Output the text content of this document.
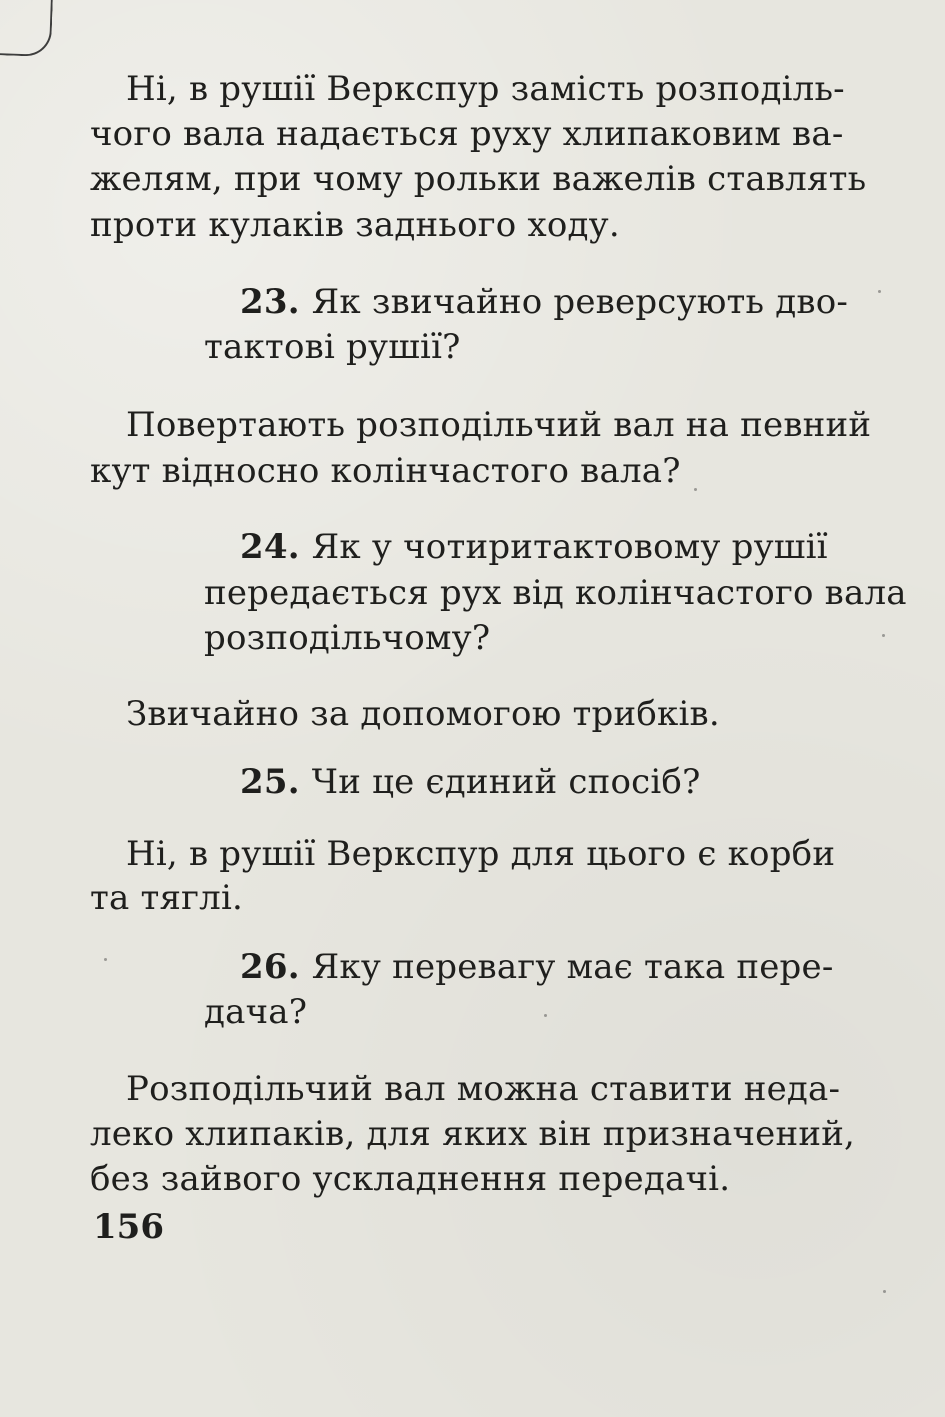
Ні, в рушії Веркспур замість розподіль-
чого вала надається руху хлипаковим ва-
желям, при чому рольки важелів ставлять
проти кулаків заднього ходу.
23. Як звичайно реверсують дво-
тактові рушії?
Повертають розподільчий вал на певний
кут відносно колінчастого вала?
24. Як у чотиритактовому рушії
передається рух від колінчастого вала
розподільчому?
Звичайно за допомогою трибків.
25. Чи це єдиний спосіб?
Ні, в рушії Веркспур для цього є корби
та тяглі.
26. Яку перевагу має така пере-
дача?
Розподільчий вал можна ставити неда-
леко хлипаків, для яких він призначений,
без зайвого ускладнення передачі.
156
